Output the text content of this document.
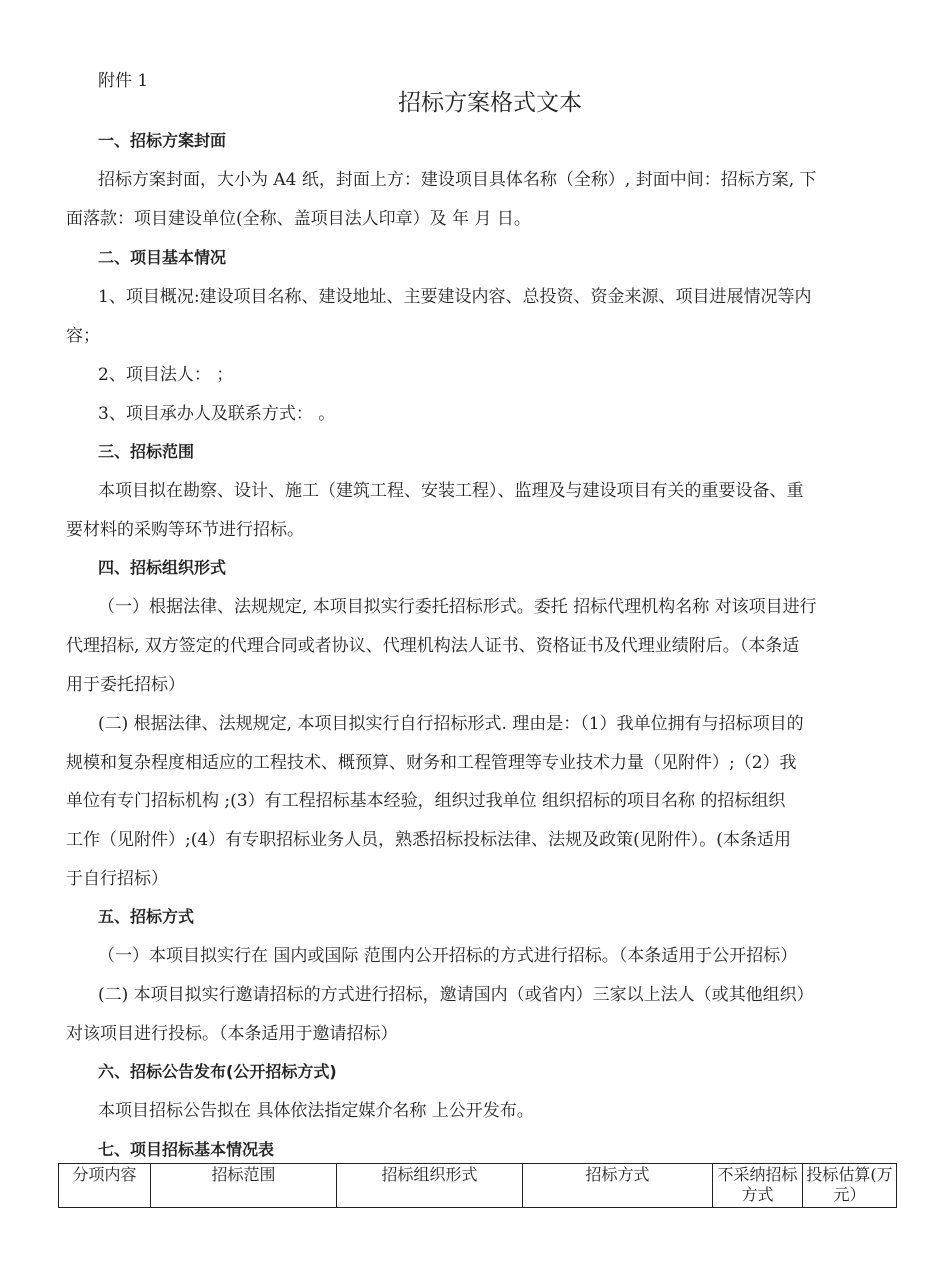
附件 1
招标方案格式文本
一、招标方案封面
招标方案封面，大小为 A4 纸，封面上方：建设项目具体名称（全称）, 封面中间：招标方案, 下
面落款：项目建设单位(全称、盖项目法人印章）及 年 月 日。
二、项目基本情况
1、项目概况:建设项目名称、建设地址、主要建设内容、总投资、资金来源、项目进展情况等内
容；
2、项目法人： ；
3、项目承办人及联系方式： 。
三、招标范围
本项目拟在勘察、设计、施工（建筑工程、安装工程）、监理及与建设项目有关的重要设备、重
要材料的采购等环节进行招标。
四、招标组织形式
（一）根据法律、法规规定, 本项目拟实行委托招标形式。委托 招标代理机构名称 对该项目进行
代理招标, 双方签定的代理合同或者协议、代理机构法人证书、资格证书及代理业绩附后。（本条适
用于委托招标）
(二) 根据法律、法规规定, 本项目拟实行自行招标形式. 理由是：（1）我单位拥有与招标项目的
规模和复杂程度相适应的工程技术、概预算、财务和工程管理等专业技术力量（见附件）;（2）我
单位有专门招标机构 ;(3）有工程招标基本经验，组织过我单位 组织招标的项目名称 的招标组织
工作（见附件）;(4）有专职招标业务人员，熟悉招标投标法律、法规及政策(见附件）。(本条适用
于自行招标）
五、招标方式
（一）本项目拟实行在 国内或国际 范围内公开招标的方式进行招标。（本条适用于公开招标）
(二) 本项目拟实行邀请招标的方式进行招标，邀请国内（或省内）三家以上法人（或其他组织）
对该项目进行投标。（本条适用于邀请招标）
六、招标公告发布(公开招标方式)
本项目招标公告拟在 具体依法指定媒介名称 上公开发布。
七、项目招标基本情况表
分项内容	招标范围	招标组织形式	招标方式	不采纳招标方式	投标估算(万元）
